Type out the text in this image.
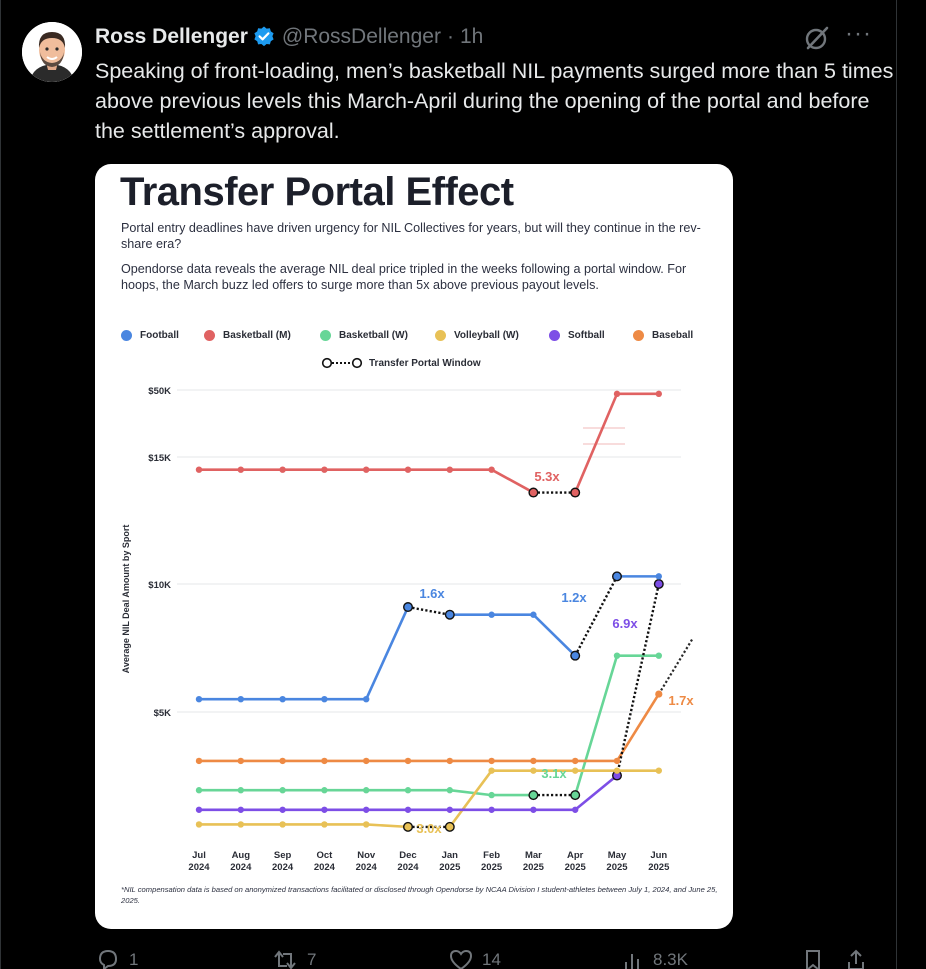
Ross Dellenger @RossDellenger · 1h	···
Speaking of front-loading, men’s basketball NIL payments surged more than 5 times above previous levels this March-April during the opening of the portal and before the settlement’s approval.
Transfer Portal Effect
Portal entry deadlines have driven urgency for NIL Collectives for years, but will they continue in the rev-share era?
Opendorse data reveals the average NIL deal price tripled in the weeks following a portal window. For hoops, the March buzz led offers to surge more than 5x above previous payout levels.
Football	Basketball (M)	Basketball (W)	Volleyball (W)	Softball	Baseball
Transfer Portal Window
$50K
$15K
$10K
$5K
Average NIL Deal Amount by Sport
Jul
2024
Aug
2024
Sep
2024
Oct
2024
Nov
2024
Dec
2024
Jan
2025
Feb
2025
Mar
2025
Apr
2025
May
2025
Jun
2025
5.3x
1.6x	1.2x
6.9x
1.7x
3.1x
3.0x
*NIL compensation data is based on anonymized transactions facilitated or disclosed through Opendorse by NCAA Division I student-athletes between July 1, 2024, and June 25, 2025.
1	7	14	8.3K
